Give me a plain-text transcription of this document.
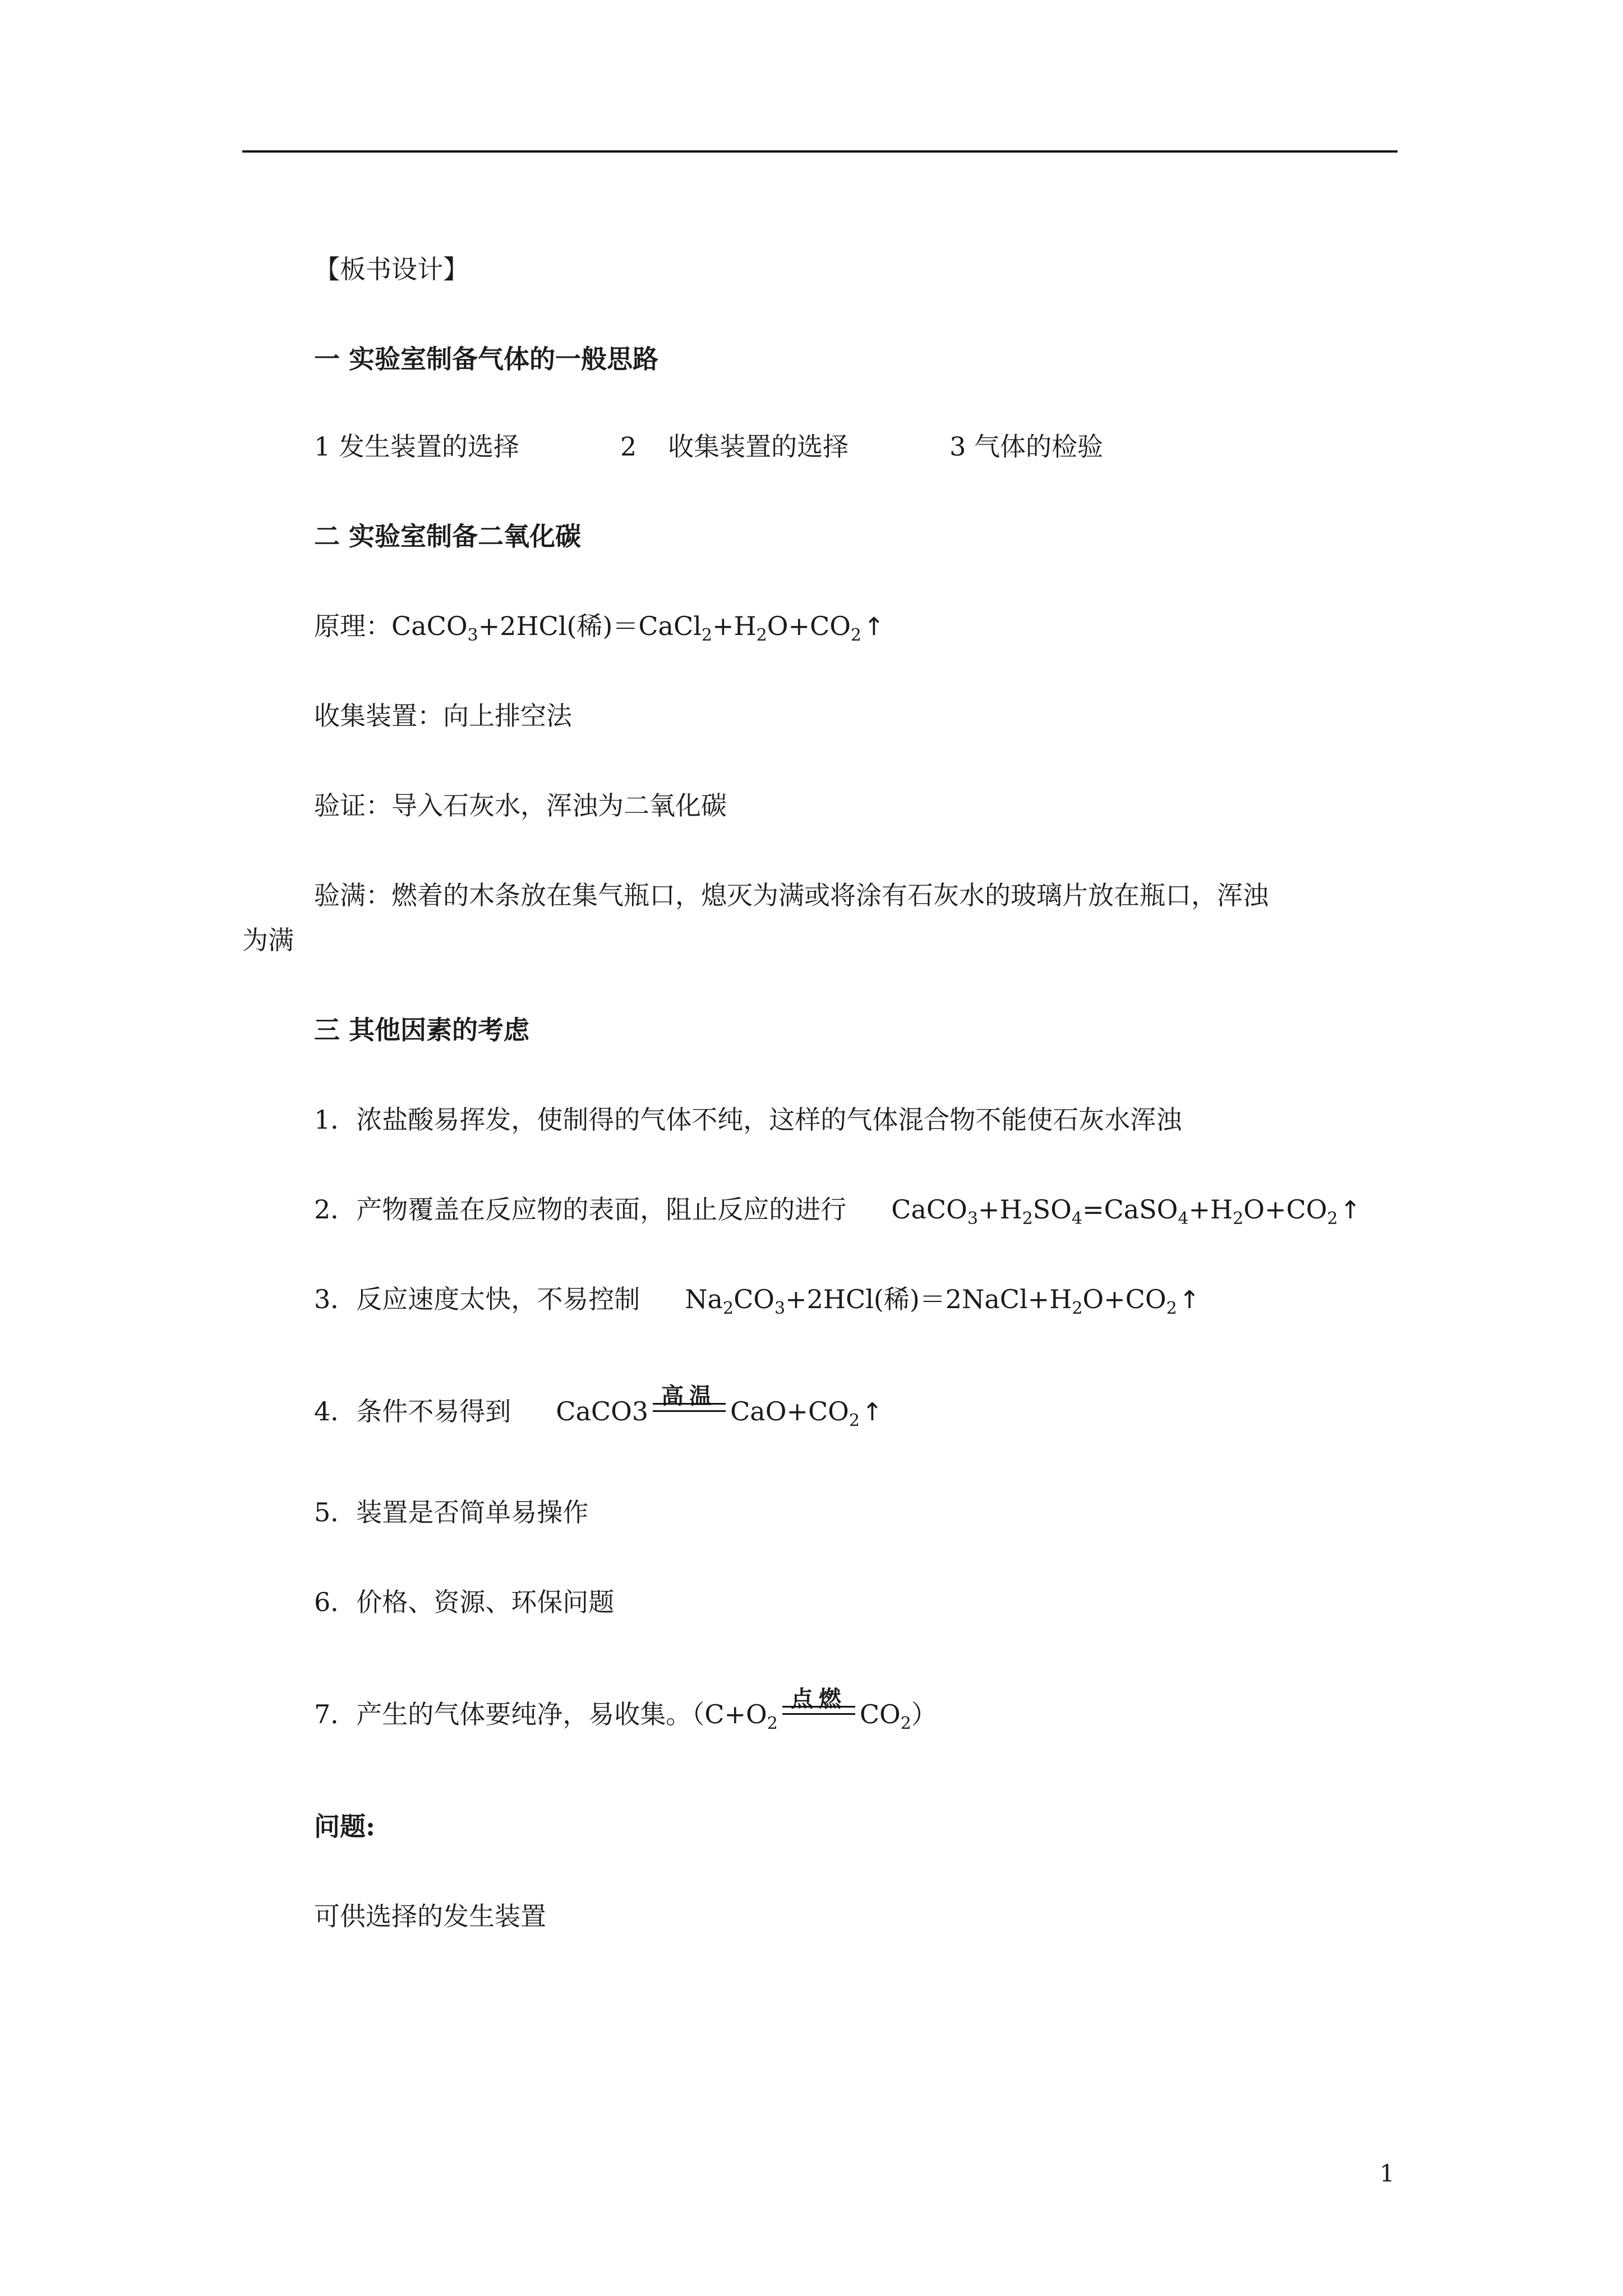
【板书设计】
一 实验室制备气体的一般思路
1 发生装置的选择	2 收集装置的选择	3 气体的检验
二 实验室制备二氧化碳
原理：CaCO$_3$+2HCl(稀)$=CaCl_2+H_2O+CO_2↑$
收集装置：向上排空法
验证：导入石灰水，浑浊为二氧化碳
验满：燃着的木条放在集气瓶口，熄灭为满或将涂有石灰水的玻璃片放在瓶口，浑浊
为满
三 其他因素的考虑
1．浓盐酸易挥发，使制得的气体不纯，这样的气体混合物不能使石灰水浑浊
2．产物覆盖在反应物的表面，阻止反应的进行 $CaCO_3+H_2SO_4=CaSO_4+H_2O+CO_2↑$
3．反应速度太快，不易控制 $Na_2CO_3+2HCl$(稀)$=2NaCl+H_2O+CO_2↑$
4．条件不易得到 CaCO3 高温 $CaO+CO_2↑$
5．装置是否简单易操作
6．价格、资源、环保问题
7．产生的气体要纯净，易收集。（$C+O_2$
点燃 $CO_2$）
问题:
可供选择的发生装置
1
